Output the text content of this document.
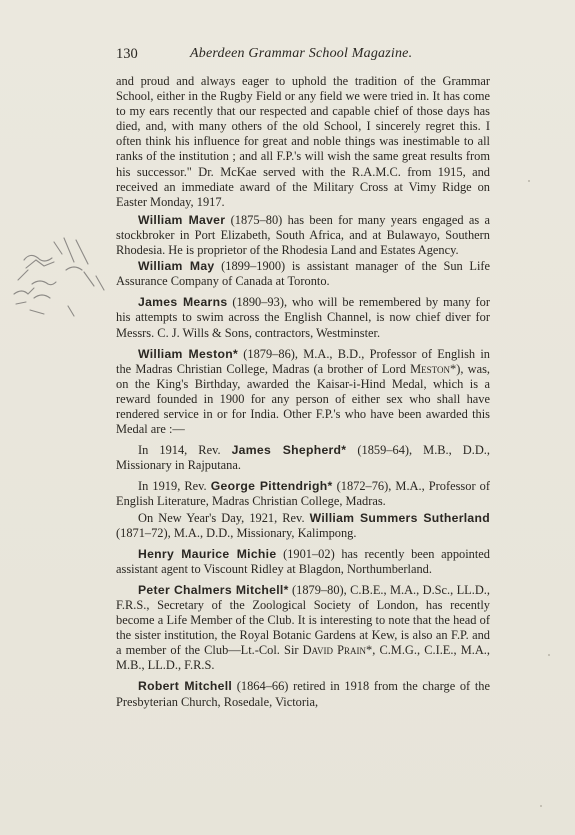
130	Aberdeen Grammar School Magazine.

and proud and always eager to uphold the tradition of the Grammar School, either in the Rugby Field or any field we were tried in. It has come to my ears recently that our respected and capable chief of those days has died, and, with many others of the old School, I sincerely regret this. I often think his influence for great and noble things was inestimable to all ranks of the institution ; and all F.P.'s will wish the same great results from his successor." Dr. McKae served with the R.A.M.C. from 1915, and received an immediate award of the Military Cross at Vimy Ridge on Easter Monday, 1917.

William Maver (1875–80) has been for many years engaged as a stockbroker in Port Elizabeth, South Africa, and at Bulawayo, Southern Rhodesia. He is proprietor of the Rhodesia Land and Estates Agency.

William May (1899–1900) is assistant manager of the Sun Life Assurance Company of Canada at Toronto.

James Mearns (1890–93), who will be remembered by many for his attempts to swim across the English Channel, is now chief diver for Messrs. C. J. Wills & Sons, contractors, Westminster.

William Meston* (1879–86), M.A., B.D., Professor of English in the Madras Christian College, Madras (a brother of Lord Meston*), was, on the King's Birthday, awarded the Kaisar-i-Hind Medal, which is a reward founded in 1900 for any person of either sex who shall have rendered service in or for India. Other F.P.'s who have been awarded this Medal are :—

In 1914, Rev. James Shepherd* (1859–64), M.B., D.D., Missionary in Rajputana.

In 1919, Rev. George Pittendrigh* (1872–76), M.A., Professor of English Literature, Madras Christian College, Madras.

On New Year's Day, 1921, Rev. William Summers Sutherland (1871–72), M.A., D.D., Missionary, Kalimpong.

Henry Maurice Michie (1901–02) has recently been appointed assistant agent to Viscount Ridley at Blagdon, Northumberland.

Peter Chalmers Mitchell* (1879–80), C.B.E., M.A., D.Sc., LL.D., F.R.S., Secretary of the Zoological Society of London, has recently become a Life Member of the Club. It is interesting to note that the head of the sister institution, the Royal Botanic Gardens at Kew, is also an F.P. and a member of the Club—Lt.-Col. Sir David Prain*, C.M.G., C.I.E., M.A., M.B., LL.D., F.R.S.

Robert Mitchell (1864–66) retired in 1918 from the charge of the Presbyterian Church, Rosedale, Victoria,
